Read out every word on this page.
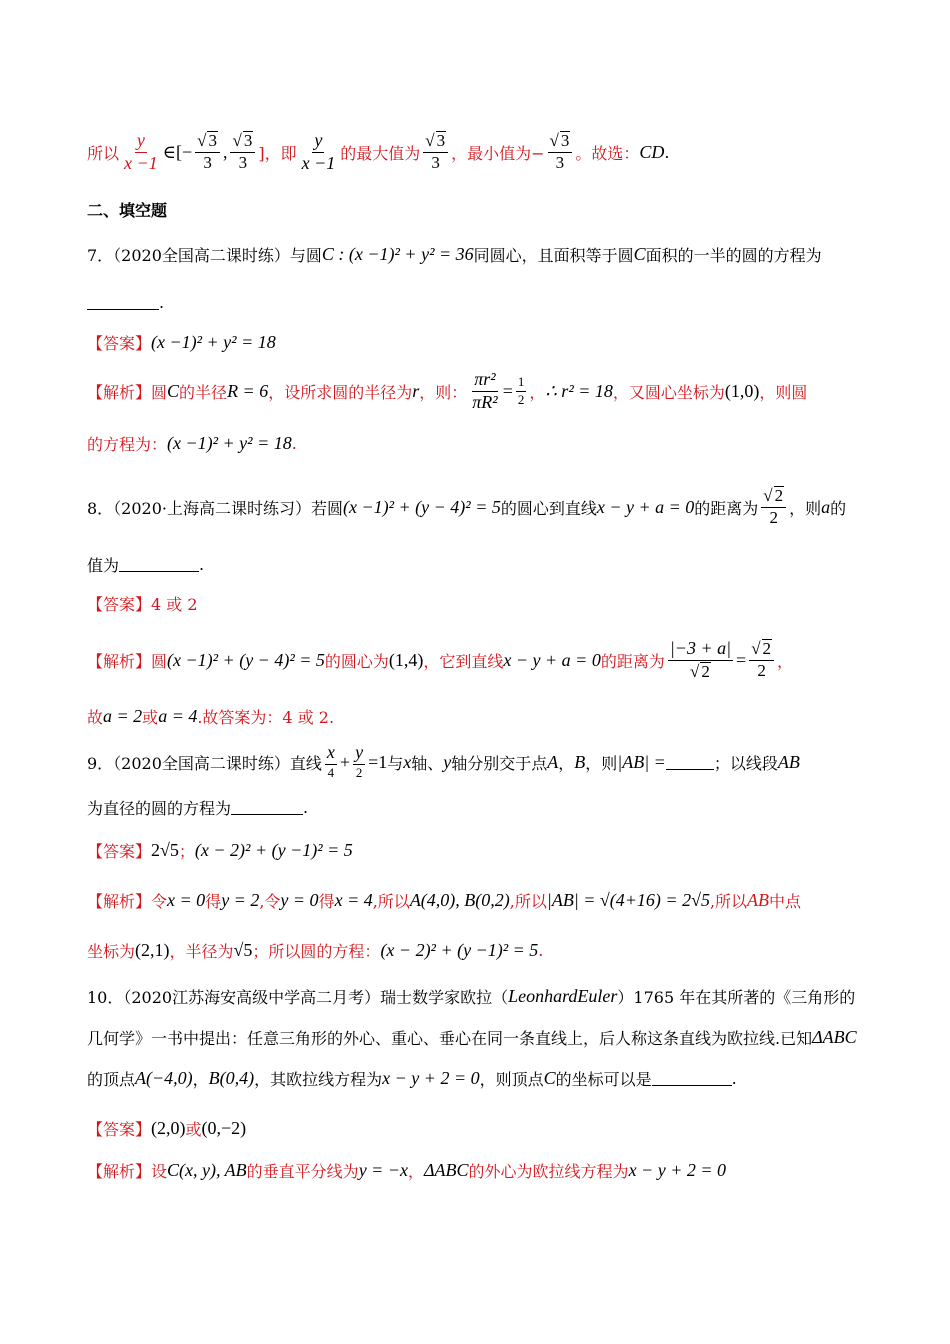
所以 $\frac{y}{x -1}$ ∈[− √ $\frac{3}{3}$ , √ $\frac{3}{3}$ ]，即 $\frac{y}{x -1}$ 的最大值为 √ $\frac{3}{3}$ ，最小值为− √ $\frac{3}{3}$ 。故选： CD .
二、填空题
7．（2020全国高二课时练）与圆 C : (x −1)² + y² = 36 同圆心，且面积等于圆 C 面积的一半的圆的方程为
.
【答案】 (x −1)² + y² = 18
【解析】 圆 C 的半径 R = 6 ，设所求圆的半径为 r ，则： $\frac{\text{πr²}}{\text{πR²}} = \frac{1}{2}$ ， ∴ r² = 18 ，又圆心坐标为 (1,0) ，则圆
的方程为： (x −1)² + y² = 18 .
8．（2020·上海高二课时练习）若圆 (x −1)² + (y − 4)² = 5 的圆心到直线 x − y + a = 0 的距离为 √ $\frac{2}{2}$ ，则 a 的
值为	.
【答案】 4 或 2
【解析】 圆 (x −1)² + (y − 4)² = 5 的圆心为 (1,4) ，它到直线 x − y + a = 0 的距离为 |−3 + a|
√ 2 = √ $\frac{2}{2}$ ，
故 a = 2 或 a = 4 .故答案为：4 或 2.
9．（2020全国高二课时练）直线 $\frac{x}{4} + \frac{y}{2} =1$ 与 x 轴、 y 轴分别交于点 A ， B ，则 |AB| =	；以线段 AB
为直径的圆的方程为	.
【答案】 2√5 ； (x − 2)² + (y −1)² = 5
【解析】 令 x = 0 得 y = 2 ,令 y = 0 得 x = 4 ,所以 A(4,0), B(0,2) ,所以 |AB| = √(4+16) = 2√5 ,所以 AB 中点
坐标为 (2,1) ，半径为 √5 ；所以圆的方程： (x − 2)² + (y −1)² = 5 .
10．（2020江苏海安高级中学高二月考）瑞士数学家欧拉（ LeonhardEuler ）1765 年在其所著的《三角形的
几何学》一书中提出：任意三角形的外心、重心、垂心在同一条直线上，后人称这条直线为欧拉线.已知 ΔABC
的顶点 A(−4,0) ， B(0,4) ，其欧拉线方程为 x − y + 2 = 0 ，则顶点 C 的坐标可以是	.
【答案】 (2,0) 或 (0,−2)
【解析】 设 C(x, y), AB 的垂直平分线为 y = −x ， ΔABC 的外心为欧拉线方程为 x − y + 2 = 0
